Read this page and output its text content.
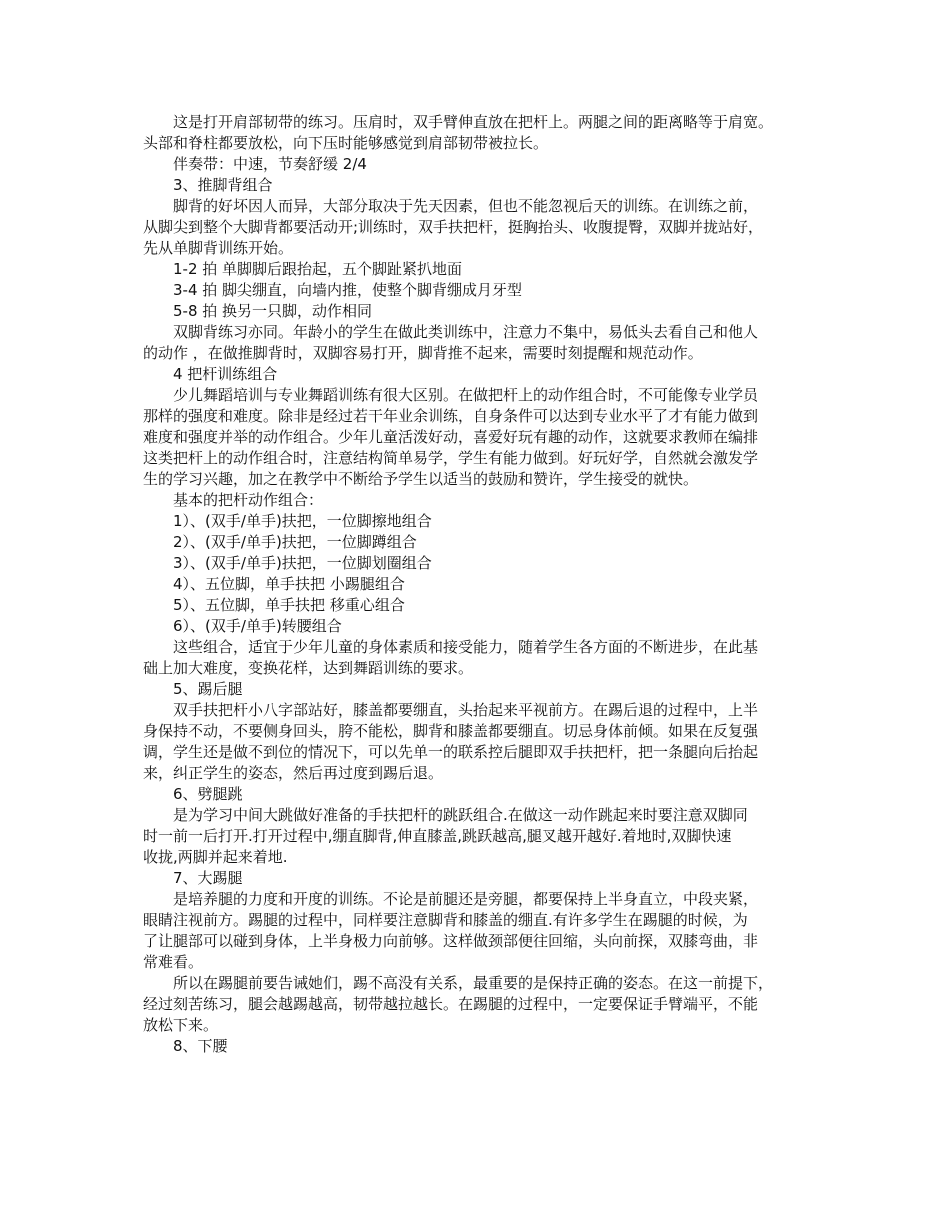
这是打开肩部韧带的练习。压肩时，双手臂伸直放在把杆上。两腿之间的距离略等于肩宽。

头部和脊柱都要放松，向下压时能够感觉到肩部韧带被拉长。

伴奏带：中速，节奏舒缓 2/4

3、推脚背组合

脚背的好坏因人而异，大部分取决于先天因素，但也不能忽视后天的训练。在训练之前，

从脚尖到整个大脚背都要活动开;训练时，双手扶把杆，挺胸抬头、收腹提臀，双脚并拢站好，

先从单脚背训练开始。

1-2 拍 单脚脚后跟抬起，五个脚趾紧扒地面

3-4 拍 脚尖绷直，向墙内推，使整个脚背绷成月牙型

5-8 拍 换另一只脚，动作相同

双脚背练习亦同。年龄小的学生在做此类训练中，注意力不集中，易低头去看自己和他人

的动作 ，在做推脚背时，双脚容易打开，脚背推不起来，需要时刻提醒和规范动作。

4 把杆训练组合

少儿舞蹈培训与专业舞蹈训练有很大区别。在做把杆上的动作组合时，不可能像专业学员

那样的强度和难度。除非是经过若干年业余训练，自身条件可以达到专业水平了才有能力做到

难度和强度并举的动作组合。少年儿童活泼好动，喜爱好玩有趣的动作，这就要求教师在编排

这类把杆上的动作组合时，注意结构简单易学，学生有能力做到。好玩好学，自然就会激发学

生的学习兴趣，加之在教学中不断给予学生以适当的鼓励和赞许，学生接受的就快。

基本的把杆动作组合：

1）、(双手/单手)扶把，一位脚擦地组合

2）、(双手/单手)扶把，一位脚蹲组合

3）、(双手/单手)扶把，一位脚划圈组合

4）、五位脚，单手扶把 小踢腿组合

5）、五位脚，单手扶把 移重心组合

6）、(双手/单手)转腰组合

这些组合，适宜于少年儿童的身体素质和接受能力，随着学生各方面的不断进步，在此基

础上加大难度，变换花样，达到舞蹈训练的要求。

5、踢后腿

双手扶把杆小八字部站好，膝盖都要绷直，头抬起来平视前方。在踢后退的过程中，上半

身保持不动，不要侧身回头，胯不能松，脚背和膝盖都要绷直。切忌身体前倾。如果在反复强

调，学生还是做不到位的情况下，可以先单一的联系控后腿即双手扶把杆，把一条腿向后抬起

来，纠正学生的姿态，然后再过度到踢后退。

6、劈腿跳

是为学习中间大跳做好准备的手扶把杆的跳跃组合.在做这一动作跳起来时要注意双脚同

时一前一后打开.打开过程中,绷直脚背,伸直膝盖,跳跃越高,腿叉越开越好.着地时,双脚快速

收拢,两脚并起来着地.

7、大踢腿

是培养腿的力度和开度的训练。不论是前腿还是旁腿，都要保持上半身直立，中段夹紧，

眼睛注视前方。踢腿的过程中，同样要注意脚背和膝盖的绷直.有许多学生在踢腿的时候，为

了让腿部可以碰到身体，上半身极力向前够。这样做颈部便往回缩，头向前探，双膝弯曲，非

常难看。

所以在踢腿前要告诫她们，踢不高没有关系，最重要的是保持正确的姿态。在这一前提下，

经过刻苦练习，腿会越踢越高，韧带越拉越长。在踢腿的过程中，一定要保证手臂端平，不能

放松下来。

8、下腰
